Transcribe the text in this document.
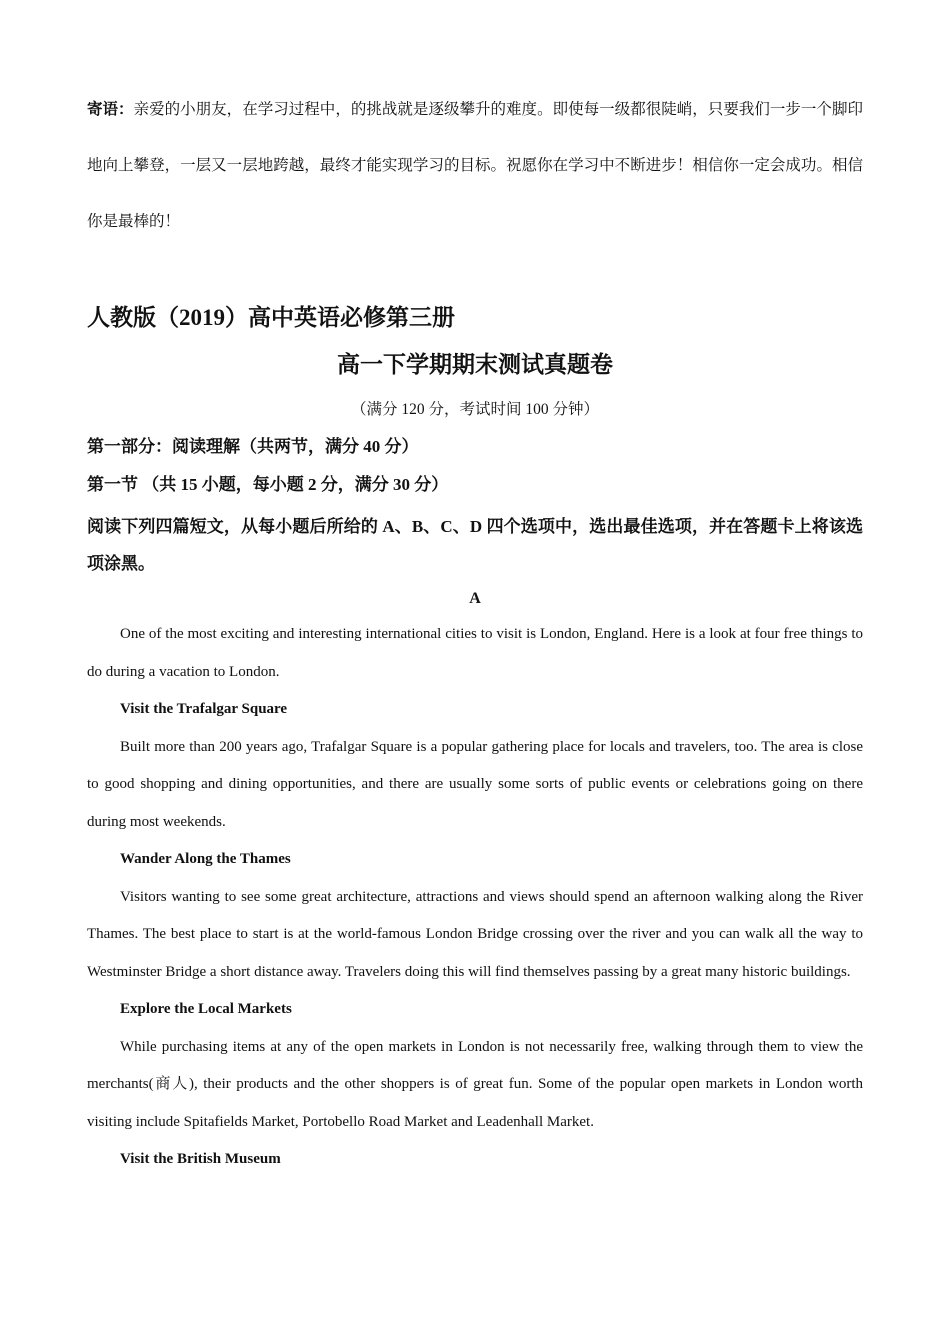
寄语：亲爱的小朋友，在学习过程中，的挑战就是逐级攀升的难度。即使每一级都很陡峭，只要我们一步一个脚印地向上攀登，一层又一层地跨越，最终才能实现学习的目标。祝愿你在学习中不断进步！相信你一定会成功。相信你是最棒的！
人教版（2019）高中英语必修第三册
高一下学期期末测试真题卷
（满分 120 分，考试时间 100 分钟）
第一部分：阅读理解（共两节，满分 40 分）
第一节 （共 15 小题，每小题 2 分，满分 30 分）
阅读下列四篇短文，从每小题后所给的 A、B、C、D 四个选项中，选出最佳选项，并在答题卡上将该选项涂黑。
A

One of the most exciting and interesting international cities to visit is London, England. Here is a look at four free things to do during a vacation to London.

Visit the Trafalgar Square

Built more than 200 years ago, Trafalgar Square is a popular gathering place for locals and travelers, too. The area is close to good shopping and dining opportunities, and there are usually some sorts of public events or celebrations going on there during most weekends.

Wander Along the Thames

Visitors wanting to see some great architecture, attractions and views should spend an afternoon walking along the River Thames. The best place to start is at the world-famous London Bridge crossing over the river and you can walk all the way to Westminster Bridge a short distance away. Travelers doing this will find themselves passing by a great many historic buildings.

Explore the Local Markets

While purchasing items at any of the open markets in London is not necessarily free, walking through them to view the merchants(商人), their products and the other shoppers is of great fun. Some of the popular open markets in London worth visiting include Spitafields Market, Portobello Road Market and Leadenhall Market.

Visit the British Museum
